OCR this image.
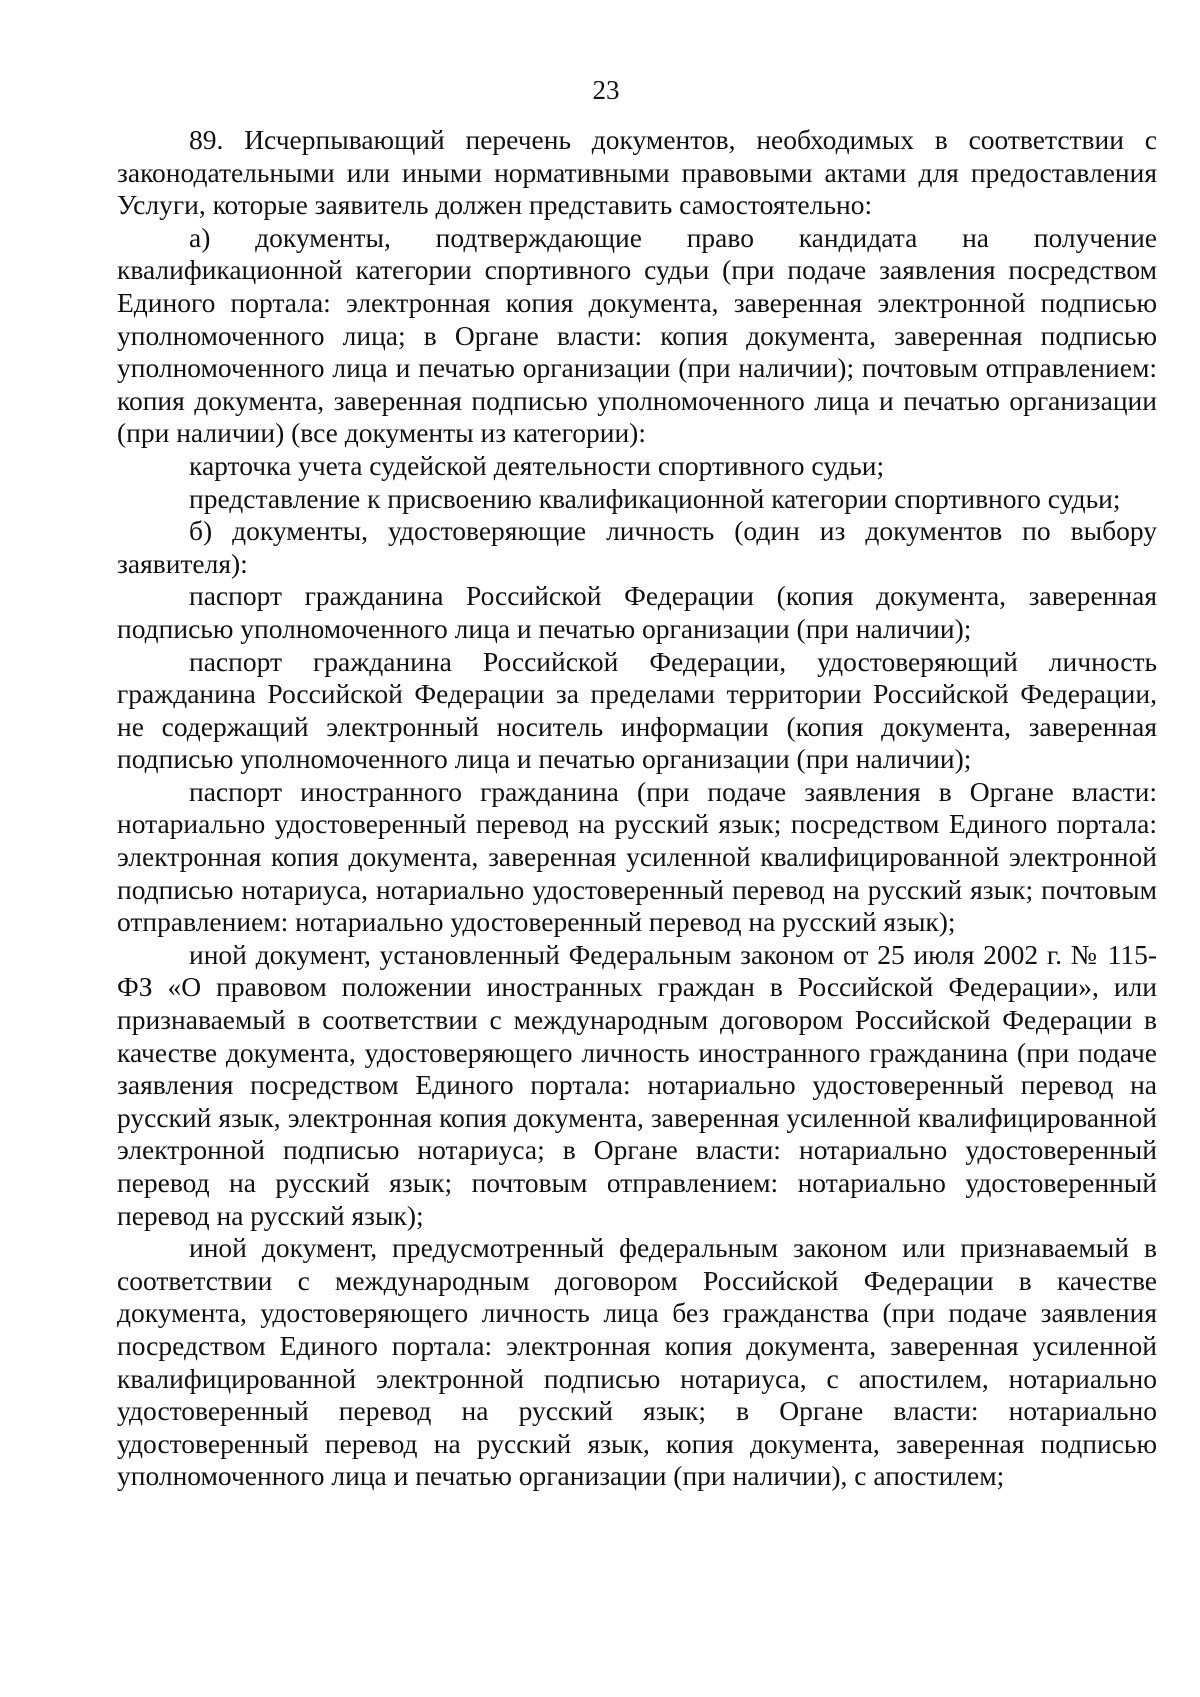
23

89. Исчерпывающий перечень документов, необходимых в соответствии с законодательными или иными нормативными правовыми актами для предоставления Услуги, которые заявитель должен представить самостоятельно:

а) документы, подтверждающие право кандидата на получение квалификационной категории спортивного судьи (при подаче заявления посредством Единого портала: электронная копия документа, заверенная электронной подписью уполномоченного лица; в Органе власти: копия документа, заверенная подписью уполномоченного лица и печатью организации (при наличии); почтовым отправлением: копия документа, заверенная подписью уполномоченного лица и печатью организации (при наличии) (все документы из категории):

карточка учета судейской деятельности спортивного судьи;

представление к присвоению квалификационной категории спортивного судьи;

б) документы, удостоверяющие личность (один из документов по выбору заявителя):

паспорт гражданина Российской Федерации (копия документа, заверенная подписью уполномоченного лица и печатью организации (при наличии);

паспорт гражданина Российской Федерации, удостоверяющий личность гражданина Российской Федерации за пределами территории Российской Федерации, не содержащий электронный носитель информации (копия документа, заверенная подписью уполномоченного лица и печатью организации (при наличии);

паспорт иностранного гражданина (при подаче заявления в Органе власти: нотариально удостоверенный перевод на русский язык; посредством Единого портала: электронная копия документа, заверенная усиленной квалифицированной электронной подписью нотариуса, нотариально удостоверенный перевод на русский язык; почтовым отправлением: нотариально удостоверенный перевод на русский язык);

иной документ, установленный Федеральным законом от 25 июля 2002 г. № 115-ФЗ «О правовом положении иностранных граждан в Российской Федерации», или признаваемый в соответствии с международным договором Российской Федерации в качестве документа, удостоверяющего личность иностранного гражданина (при подаче заявления посредством Единого портала: нотариально удостоверенный перевод на русский язык, электронная копия документа, заверенная усиленной квалифицированной электронной подписью нотариуса; в Органе власти: нотариально удостоверенный перевод на русский язык; почтовым отправлением: нотариально удостоверенный перевод на русский язык);

иной документ, предусмотренный федеральным законом или признаваемый в соответствии с международным договором Российской Федерации в качестве документа, удостоверяющего личность лица без гражданства (при подаче заявления посредством Единого портала: электронная копия документа, заверенная усиленной квалифицированной электронной подписью нотариуса, с апостилем, нотариально удостоверенный перевод на русский язык; в Органе власти: нотариально удостоверенный перевод на русский язык, копия документа, заверенная подписью уполномоченного лица и печатью организации (при наличии), с апостилем;
